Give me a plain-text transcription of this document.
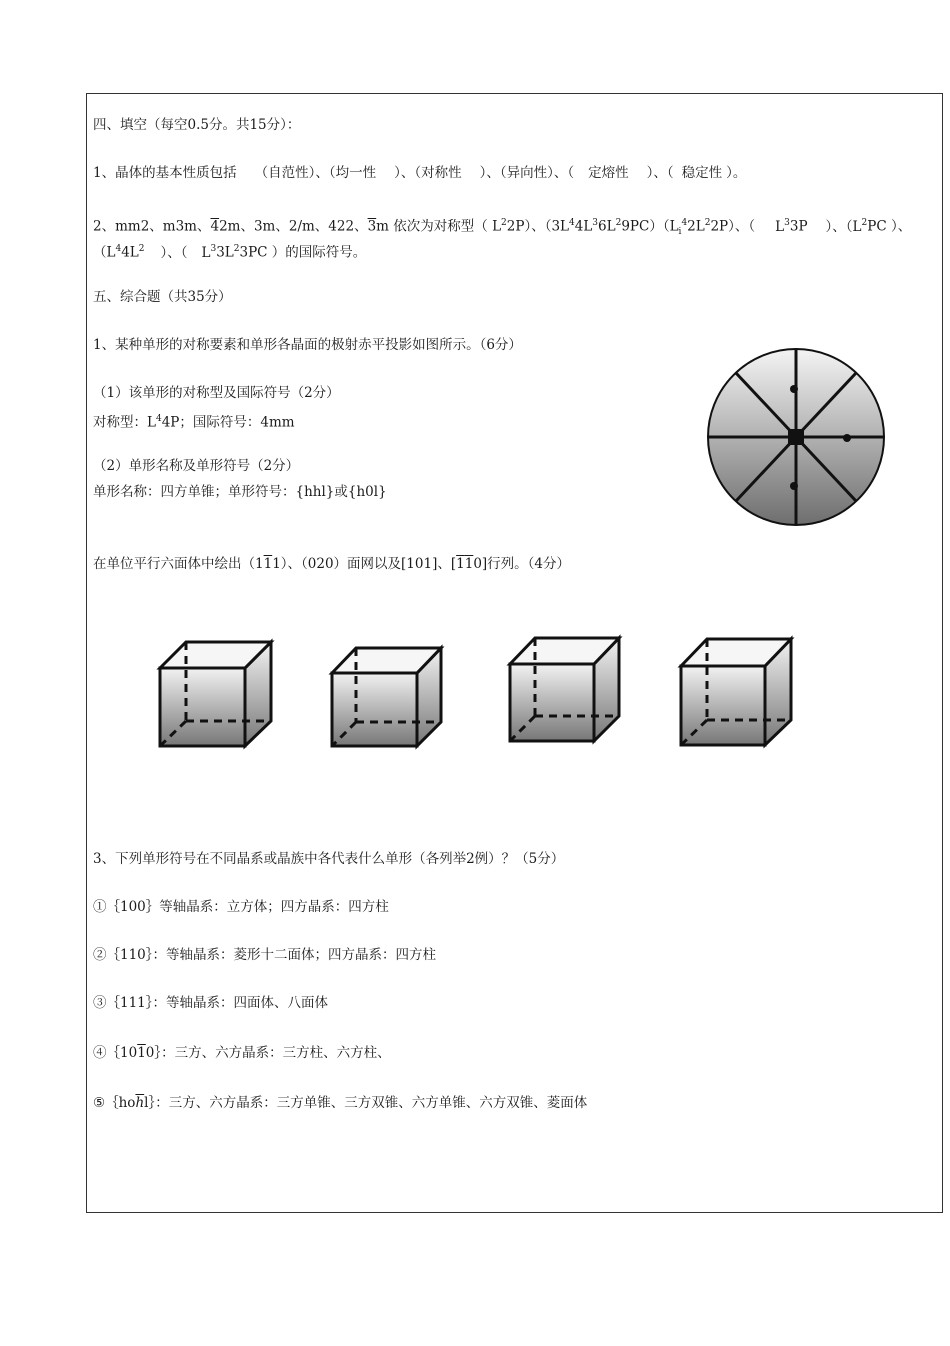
四、填空（每空0.5分。共15分）：
1、晶体的基本性质包括 （自范性）、（均一性 ）、（对称性 ）、（异向性）、（ 定熔性 ）、（ 稳定性 ）。
2、mm2、m3m、42m、3m、2/m、422、3m 依次为对称型（ $L^22P$）、$(3L^44L^36L^29PC)(L_i^42L^22P)$、（ $L^33P$ ）、（$L^2PC$ ）、
（$L^44L^2$ ）、（ $L^33L^23PC$ ）的国际符号。
五、综合题（共35分）
1、某种单形的对称要素和单形各晶面的极射赤平投影如图所示。（6分）
（1）该单形的对称型及国际符号（2分）
对称型：$L^44P$；国际符号：4mm
（2）单形名称及单形符号（2分）
单形名称：四方单锥；单形符号：{hhl}或{h0l}
在单位平行六面体中绘出（111）、（020）面网以及[101]、[110]行列。（4分）
3、下列单形符号在不同晶系或晶族中各代表什么单形（各列举2例）？（5分）
①｛100｝等轴晶系：立方体；四方晶系：四方柱
②｛110｝：等轴晶系：菱形十二面体；四方晶系：四方柱
③｛111｝：等轴晶系：四面体、八面体
④｛1010｝：三方、六方晶系：三方柱、六方柱、
$⑤\{ho\overline{h}l\}$：三方、六方晶系：三方单锥、三方双锥、六方单锥、六方双锥、菱面体
